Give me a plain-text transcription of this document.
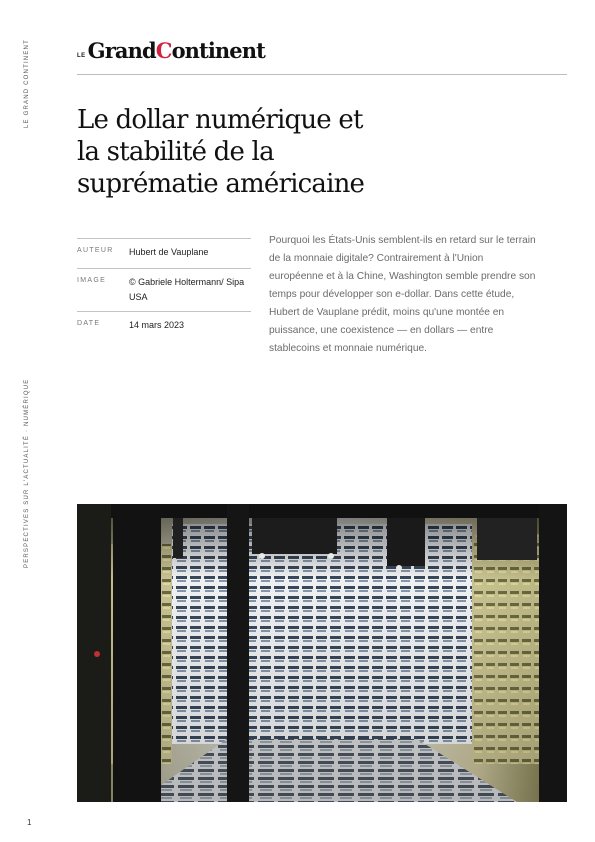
LE GRAND CONTINENT
PERSPECTIVES SUR L'ACTUALITÉ · NUMÉRIQUE
LE GrandContinent
Le dollar numérique et
la stabilité de la
suprématie américaine
AUTEUR	Hubert de Vauplane
IMAGE	© Gabriele Holtermann/ Sipa USA
DATE	14 mars 2023

Pourquoi les États-Unis semblent-ils en retard sur le terrain de la monnaie digitale? Contrairement à l'Union européenne et à la Chine, Washington semble prendre son temps pour développer son e-dollar. Dans cette étude, Hubert de Vauplane prédit, moins qu'une montée en puissance, une coexistence — en dollars — entre stablecoins et monnaie numérique.

1
